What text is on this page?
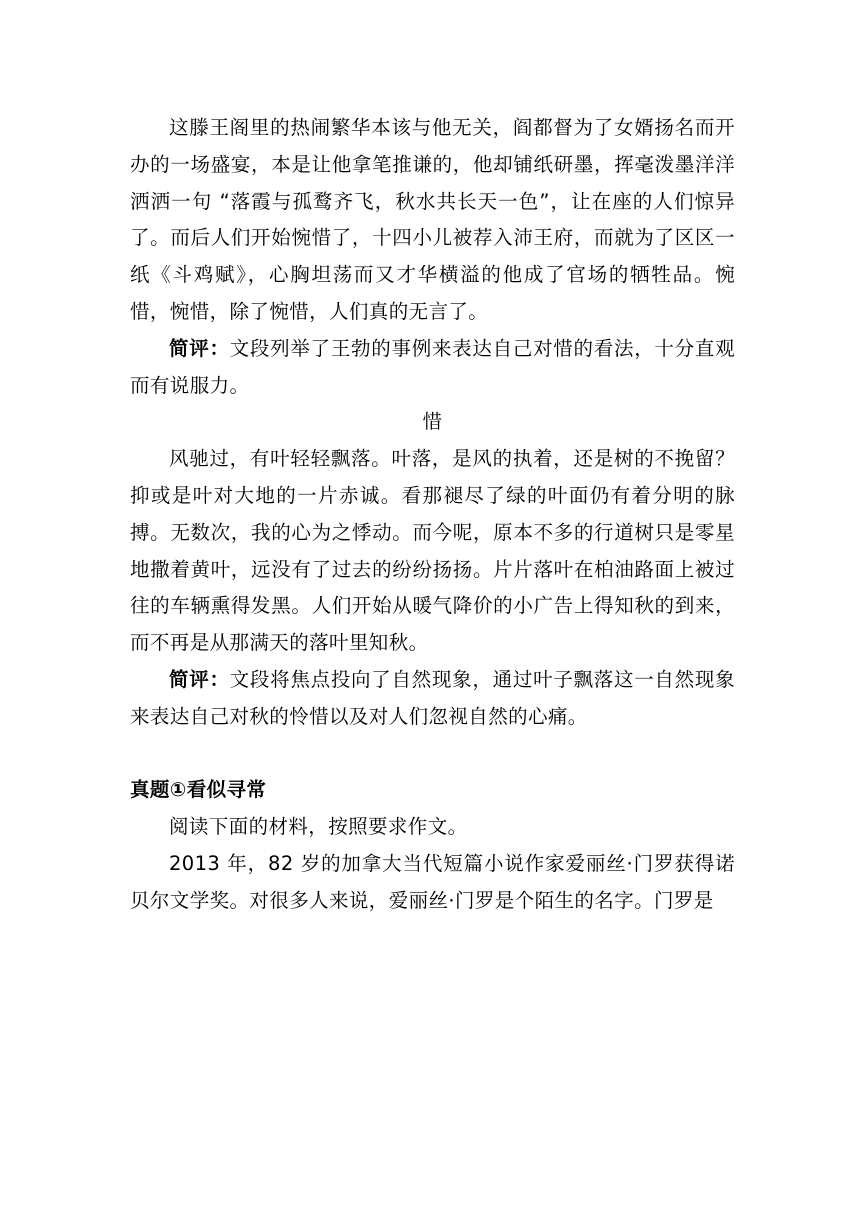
这滕王阁里的热闹繁华本该与他无关，阎都督为了女婿扬名而开办的一场盛宴，本是让他拿笔推谦的，他却铺纸研墨，挥毫泼墨洋洋洒洒一句 “落霞与孤鹜齐飞，秋水共长天一色”，让在座的人们惊异了。而后人们开始惋惜了，十四小儿被荐入沛王府，而就为了区区一纸《斗鸡赋》，心胸坦荡而又才华横溢的他成了官场的牺牲品。惋惜，惋惜，除了惋惜，人们真的无言了。

简评：文段列举了王勃的事例来表达自己对惜的看法，十分直观而有说服力。

惜

风驰过，有叶轻轻飘落。叶落，是风的执着，还是树的不挽留？抑或是叶对大地的一片赤诚。看那褪尽了绿的叶面仍有着分明的脉搏。无数次，我的心为之悸动。而今呢，原本不多的行道树只是零星地撒着黄叶，远没有了过去的纷纷扬扬。片片落叶在柏油路面上被过往的车辆熏得发黑。人们开始从暖气降价的小广告上得知秋的到来，而不再是从那满天的落叶里知秋。

简评：文段将焦点投向了自然现象，通过叶子飘落这一自然现象来表达自己对秋的怜惜以及对人们忽视自然的心痛。

真题①看似寻常

阅读下面的材料，按照要求作文。

2013 年，82 岁的加拿大当代短篇小说作家爱丽丝·门罗获得诺贝尔文学奖。对很多人来说，爱丽丝·门罗是个陌生的名字。门罗是
